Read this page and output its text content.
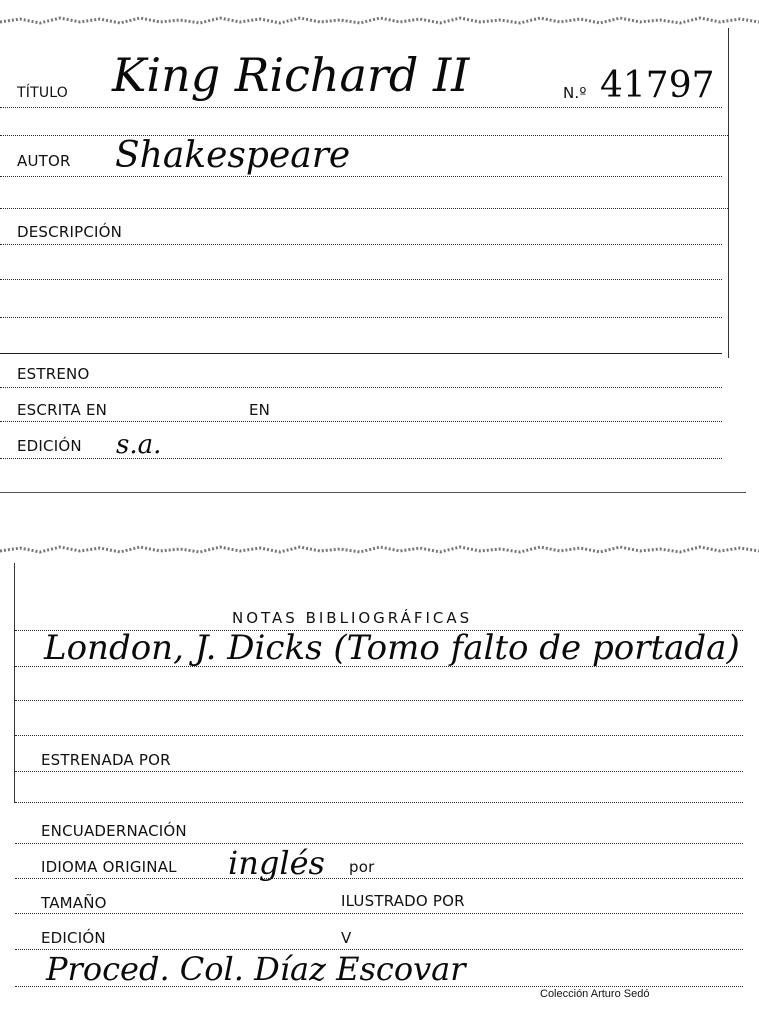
TÍTULO King Richard II	N.º 41797
AUTOR Shakespeare
DESCRIPCIÓN
ESTRENO
ESCRITA EN	EN
EDICIÓN s.a.
NOTAS BIBLIOGRÁFICAS
London, J. Dicks (Tomo falto de portada)
ESTRENADA POR
ENCUADERNACIÓN
IDIOMA ORIGINAL inglés por
TAMAÑO	ILUSTRADO POR
EDICIÓN	V
Proced. Col. Díaz Escovar
Colección Arturo Sedó
